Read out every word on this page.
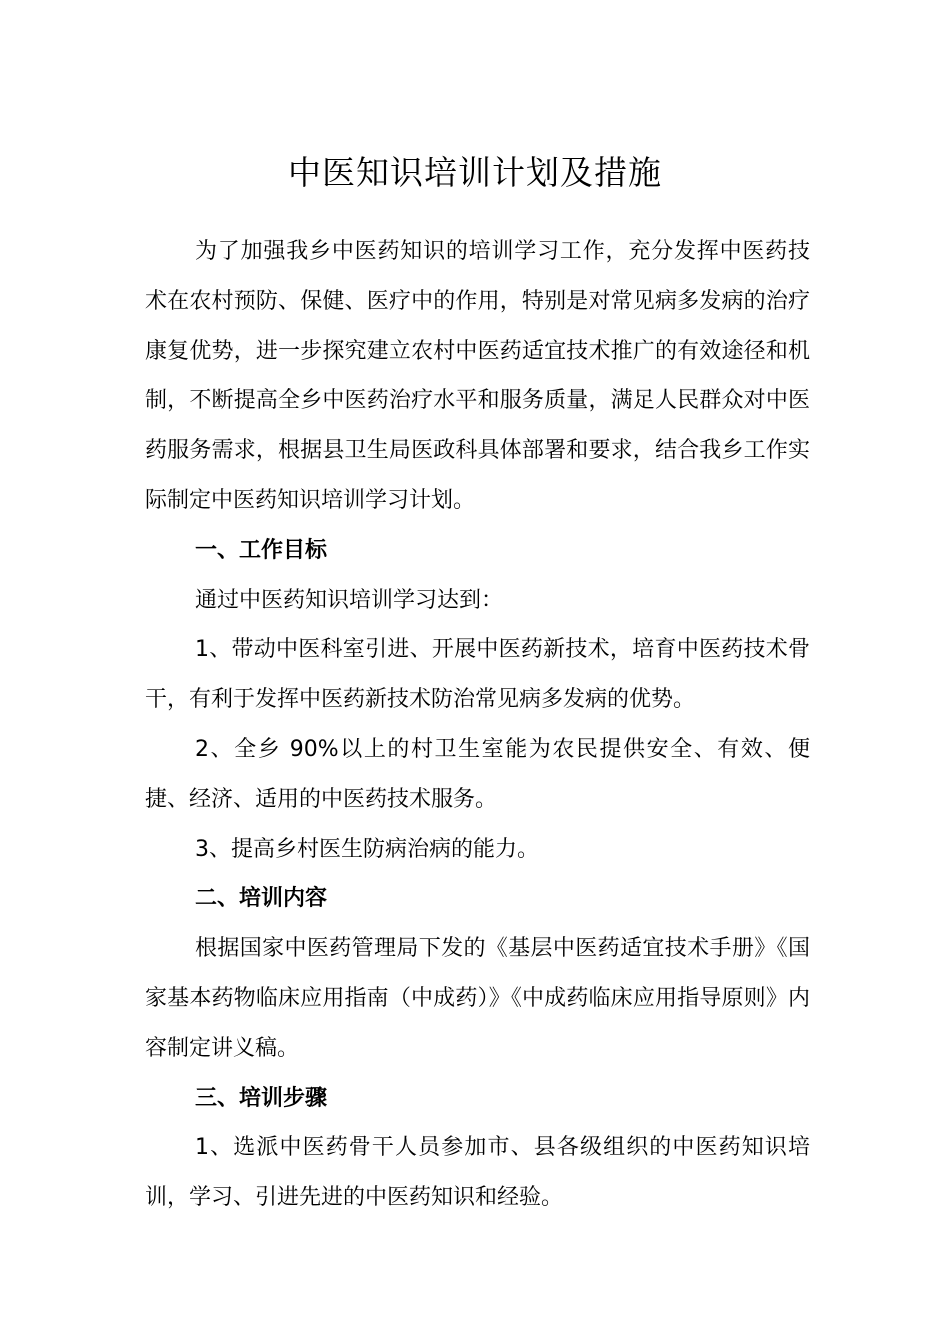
中医知识培训计划及措施

为了加强我乡中医药知识的培训学习工作，充分发挥中医药技术在农村预防、保健、医疗中的作用，特别是对常见病多发病的治疗康复优势，进一步探究建立农村中医药适宜技术推广的有效途径和机制，不断提高全乡中医药治疗水平和服务质量，满足人民群众对中医药服务需求，根据县卫生局医政科具体部署和要求，结合我乡工作实际制定中医药知识培训学习计划。

一、工作目标

通过中医药知识培训学习达到：

1、带动中医科室引进、开展中医药新技术，培育中医药技术骨干，有利于发挥中医药新技术防治常见病多发病的优势。

2、全乡 90%以上的村卫生室能为农民提供安全、有效、便捷、经济、适用的中医药技术服务。

3、提高乡村医生防病治病的能力。

二、培训内容

根据国家中医药管理局下发的《基层中医药适宜技术手册》《国家基本药物临床应用指南（中成药）》《中成药临床应用指导原则》内容制定讲义稿。

三、培训步骤

1、选派中医药骨干人员参加市、县各级组织的中医药知识培训，学习、引进先进的中医药知识和经验。
